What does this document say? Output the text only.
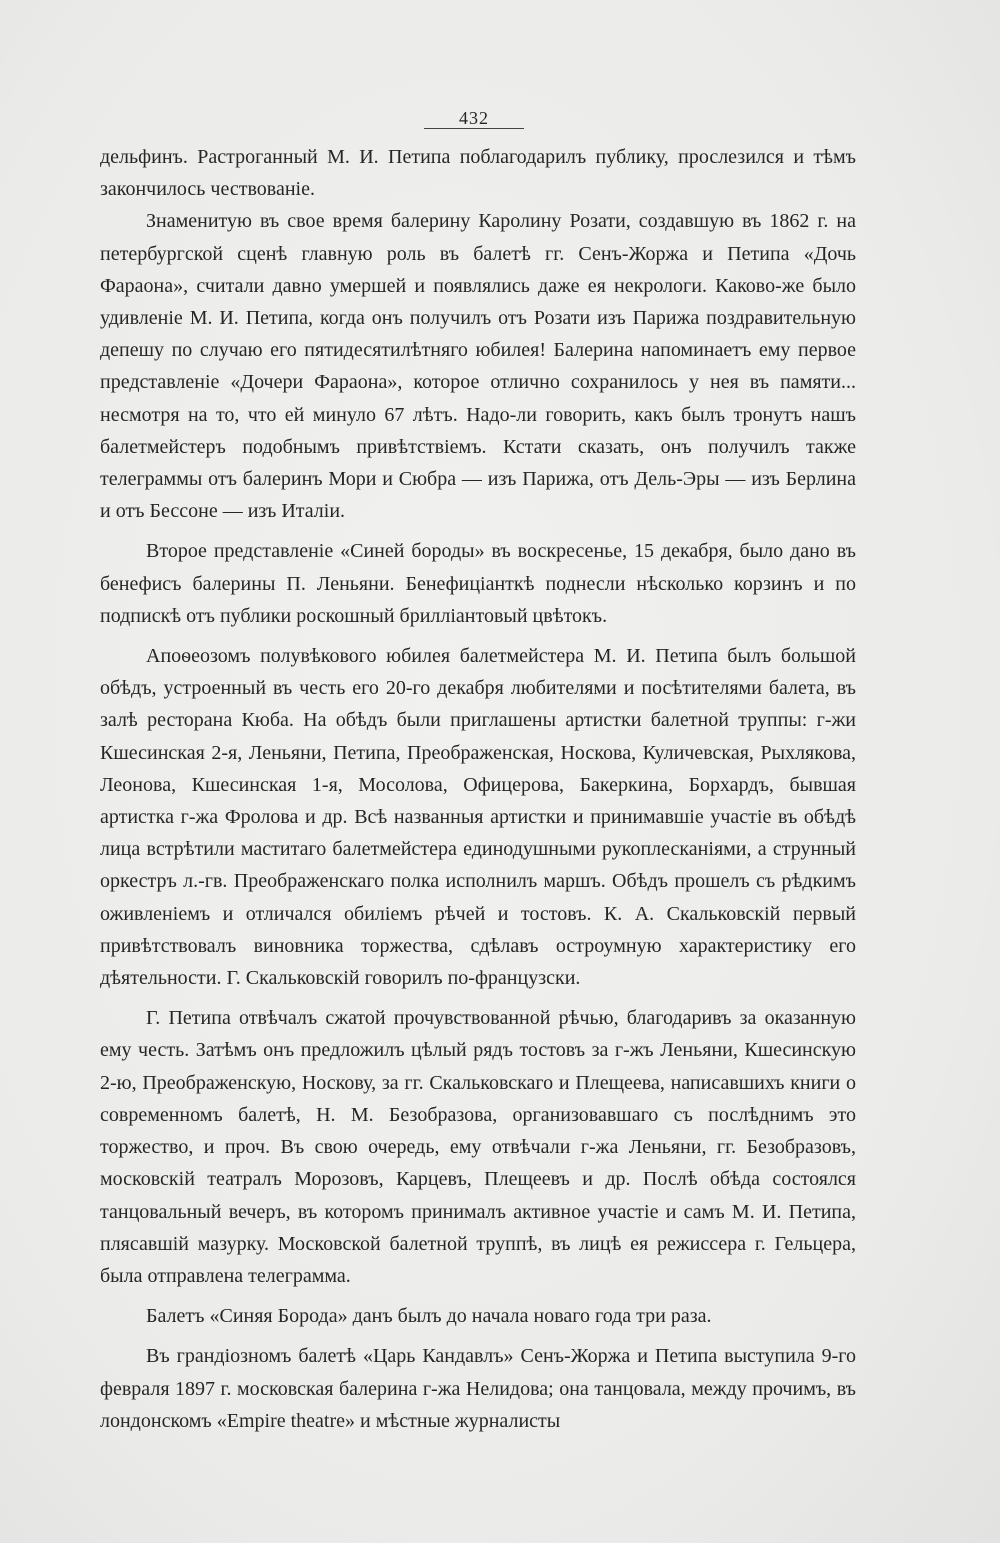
432

дельфинъ. Растроганный М. И. Петипа поблагодарилъ публику, прослезился и тѣмъ закончилось чествованіе.

Знаменитую въ свое время балерину Каролину Розати, создавшую въ 1862 г. на петербургской сценѣ главную роль въ балетѣ гг. Сенъ-Жоржа и Петипа «Дочь Фараона», считали давно умершей и появлялись даже ея некрологи. Каково-же было удивленіе М. И. Петипа, когда онъ получилъ отъ Розати изъ Парижа поздравительную депешу по случаю его пятидесятилѣтняго юбилея! Балерина напоминаетъ ему первое представленіе «Дочери Фараона», которое отлично сохранилось у нея въ памяти... несмотря на то, что ей минуло 67 лѣтъ. Надо-ли говорить, какъ былъ тронутъ нашъ балетмейстеръ подобнымъ привѣтствіемъ. Кстати сказать, онъ получилъ также телеграммы отъ балеринъ Мори и Сюбра — изъ Парижа, отъ Дель-Эры — изъ Берлина и отъ Бессоне — изъ Италіи.

Второе представленіе «Синей бороды» въ воскресенье, 15 декабря, было дано въ бенефисъ балерины П. Леньяни. Бенефиціанткѣ поднесли нѣсколько корзинъ и по подпискѣ отъ публики роскошный брилліантовый цвѣтокъ.

Апоѳеозомъ полувѣкового юбилея балетмейстера М. И. Петипа былъ большой обѣдъ, устроенный въ честь его 20-го декабря любителями и посѣтителями балета, въ залѣ ресторана Кюба. На обѣдъ были приглашены артистки балетной труппы: г-жи Кшесинская 2-я, Леньяни, Петипа, Преображенская, Носкова, Куличевская, Рыхлякова, Леонова, Кшесинская 1-я, Мосолова, Офицерова, Бакеркина, Борхардъ, бывшая артистка г-жа Фролова и др. Всѣ названныя артистки и принимавшіе участіе въ обѣдѣ лица встрѣтили маститаго балетмейстера единодушными рукоплесканіями, а струнный оркестръ л.-гв. Преображенскаго полка исполнилъ маршъ. Обѣдъ прошелъ съ рѣдкимъ оживленіемъ и отличался обиліемъ рѣчей и тостовъ. К. А. Скальковскій первый привѣтствовалъ виновника торжества, сдѣлавъ остроумную характеристику его дѣятельности. Г. Скальковскій говорилъ по-французски.

Г. Петипа отвѣчалъ сжатой прочувствованной рѣчью, благодаривъ за оказанную ему честь. Затѣмъ онъ предложилъ цѣлый рядъ тостовъ за г-жъ Леньяни, Кшесинскую 2-ю, Преображенскую, Носкову, за гг. Скальковскаго и Плещеева, написавшихъ книги о современномъ балетѣ, Н. М. Безобразова, организовавшаго съ послѣднимъ это торжество, и проч. Въ свою очередь, ему отвѣчали г-жа Леньяни, гг. Безобразовъ, московскій театралъ Морозовъ, Карцевъ, Плещеевъ и др. Послѣ обѣда состоялся танцовальный вечеръ, въ которомъ принималъ активное участіе и самъ М. И. Петипа, плясавшій мазурку. Московской балетной труппѣ, въ лицѣ ея режиссера г. Гельцера, была отправлена телеграмма.

Балетъ «Синяя Борода» данъ былъ до начала новаго года три раза.

Въ грандіозномъ балетѣ «Царь Кандавлъ» Сенъ-Жоржа и Петипа выступила 9-го февраля 1897 г. московская балерина г-жа Нелидова; она танцовала, между прочимъ, въ лондонскомъ «Empire theatre» и мѣстные журналисты
